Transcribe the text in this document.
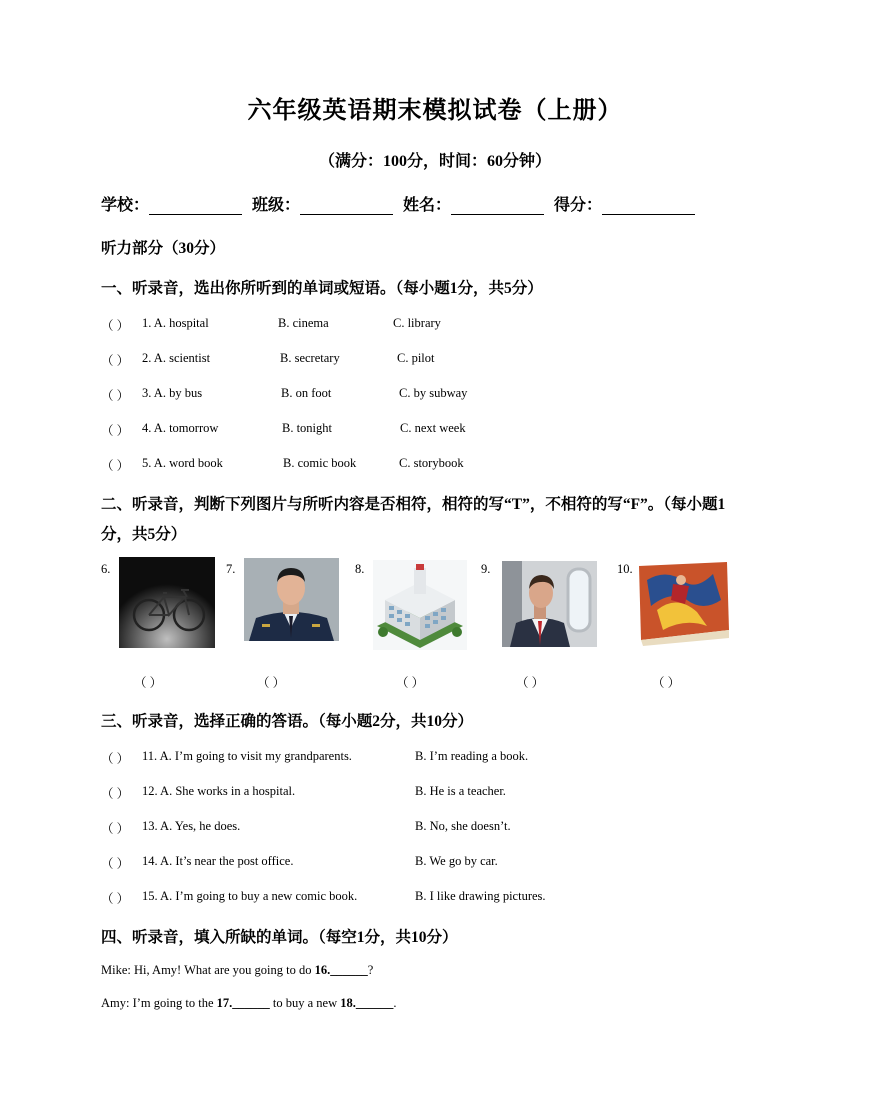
六年级英语期末模拟试卷（上册）
（满分：100分，时间：60分钟）
学校：	班级：	姓名：	得分：
听力部分（30分）
一、听录音，选出你所听到的单词或短语。（每小题1分，共5分）
（ ） 1. A. hospital	B. cinema	C. library
（ ） 2. A. scientist	B. secretary	C. pilot
（ ） 3. A. by bus	B. on foot	C. by subway
（ ） 4. A. tomorrow	B. tonight	C. next week
（ ） 5. A. word book	B. comic book	C. storybook
二、听录音，判断下列图片与所听内容是否相符，相符的写“T”，不相符的写“F”。（每小题1
分，共5分）
6.	7.	8.	9.	10.
（ ）	（ ）	（ ）	（ ）	（ ）
三、听录音，选择正确的答语。（每小题2分，共10分）
（ ） 11. A. I’m going to visit my grandparents.	B. I’m reading a book.
（ ） 12. A. She works in a hospital.	B. He is a teacher.
（ ） 13. A. Yes, he does.	B. No, she doesn’t.
（ ） 14. A. It’s near the post office.	B. We go by car.
（ ） 15. A. I’m going to buy a new comic book.	B. I like drawing pictures.
四、听录音，填入所缺的单词。（每空1分，共10分）
Mike: Hi, Amy! What are you going to do 16.______?
Amy: I’m going to the 17.______ to buy a new 18.______.
